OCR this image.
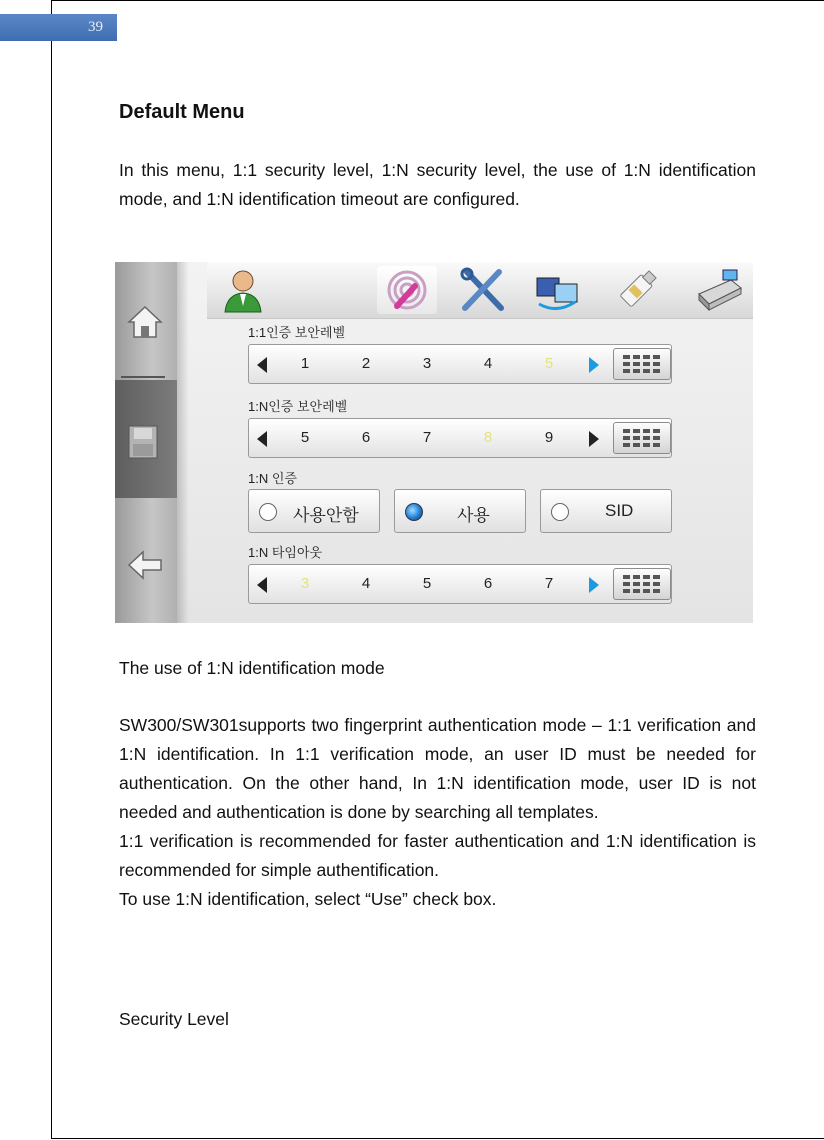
39
Default Menu

In this menu, 1:1 security level, 1:N security level, the use of 1:N identification mode, and 1:N identification timeout are configured.

1:1인증 보안레벨
1	2	3	4	5
1:N인증 보안레벨
5	6	7	8	9
1:N 인증
사용안함	사용	SID
1:N 타임아웃
3	4	5	6	7

The use of 1:N identification mode

SW300/SW301supports two fingerprint authentication mode – 1:1 verification and 1:N identification. In 1:1 verification mode, an user ID must be needed for authentication. On the other hand, In 1:N identification mode, user ID is not needed and authentication is done by searching all templates.
1:1 verification is recommended for faster authentication and 1:N identification is recommended for simple authentification.
To use 1:N identification, select “Use” check box.

Security Level
